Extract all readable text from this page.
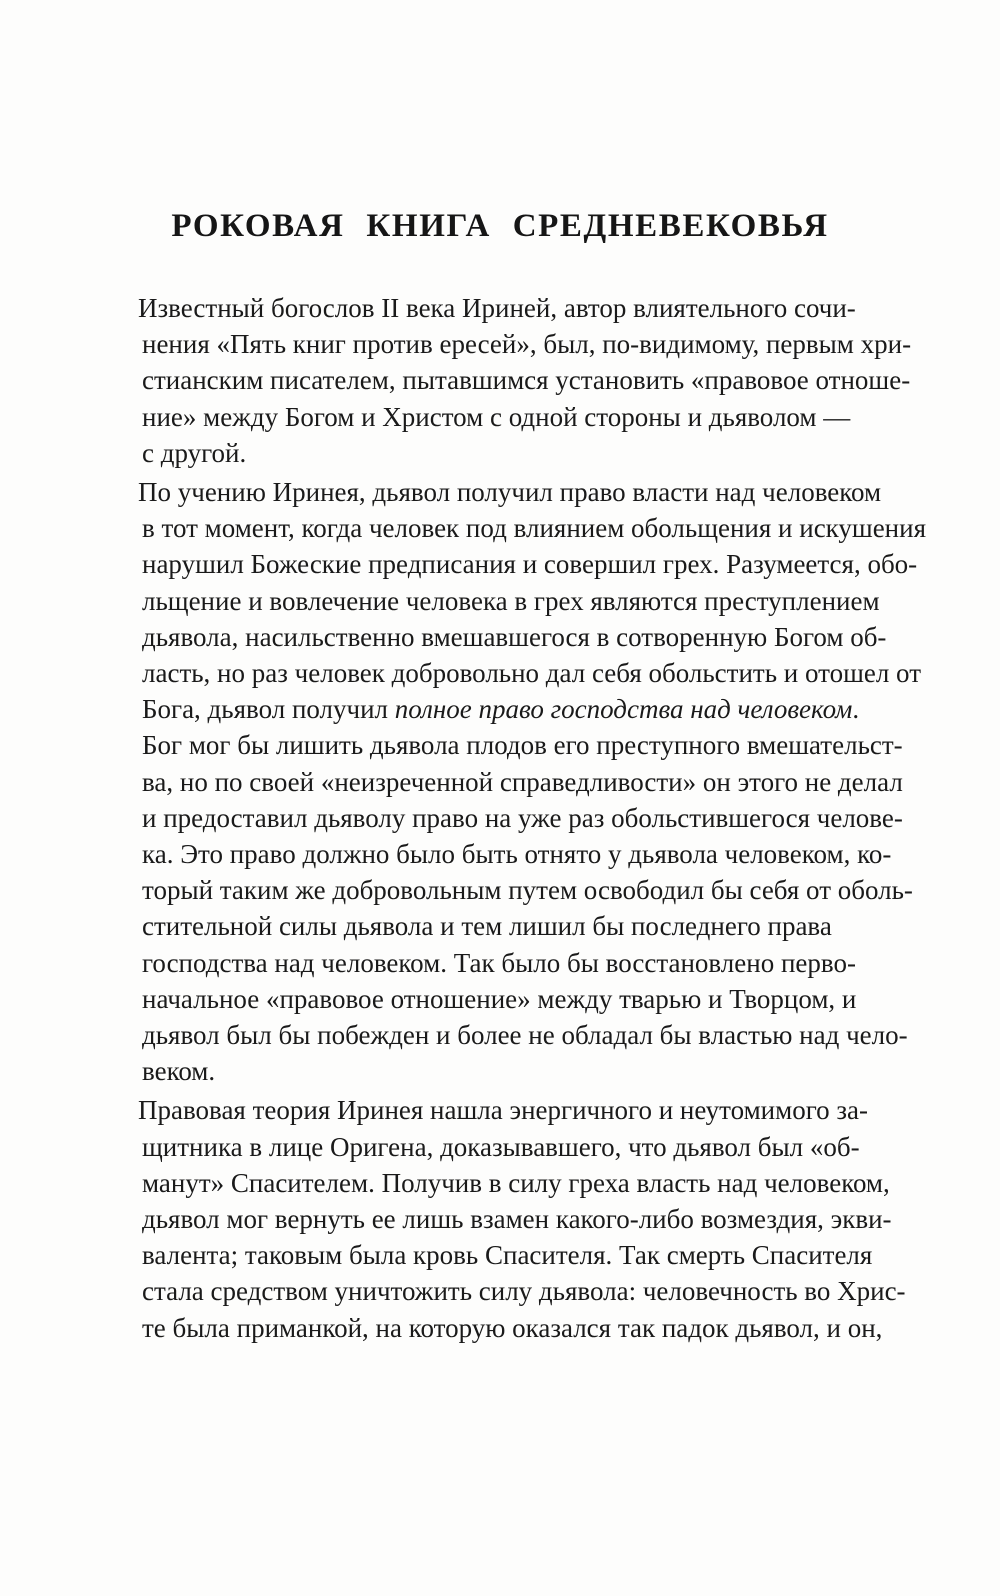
РОКОВАЯ КНИГА СРЕДНЕВЕКОВЬЯ

Известный богослов II века Ириней, автор влиятельного сочи-
нения «Пять книг против ересей», был, по-видимому, первым хри-
стианским писателем, пытавшимся установить «правовое отноше-
ние» между Богом и Христом с одной стороны и дьяволом —
с другой.

По учению Иринея, дьявол получил право власти над человеком
в тот момент, когда человек под влиянием обольщения и искушения
нарушил Божеские предписания и совершил грех. Разумеется, обо-
льщение и вовлечение человека в грех являются преступлением
дьявола, насильственно вмешавшегося в сотворенную Богом об-
ласть, но раз человек добровольно дал себя обольстить и отошел от
Бога, дьявол получил полное право господства над человеком.
Бог мог бы лишить дьявола плодов его преступного вмешательст-
ва, но по своей «неизреченной справедливости» он этого не делал
и предоставил дьяволу право на уже раз обольстившегося челове-
ка. Это право должно было быть отнято у дьявола человеком, ко-
торый таким же добровольным путем освободил бы себя от оболь-
стительной силы дьявола и тем лишил бы последнего права
господства над человеком. Так было бы восстановлено перво-
начальное «правовое отношение» между тварью и Творцом, и
дьявол был бы побежден и более не обладал бы властью над чело-
веком.

Правовая теория Иринея нашла энергичного и неутомимого за-
щитника в лице Оригена, доказывавшего, что дьявол был «об-
манут» Спасителем. Получив в силу греха власть над человеком,
дьявол мог вернуть ее лишь взамен какого-либо возмездия, экви-
валента; таковым была кровь Спасителя. Так смерть Спасителя
стала средством уничтожить силу дьявола: человечность во Хрис-
те была приманкой, на которую оказался так падок дьявол, и он,
